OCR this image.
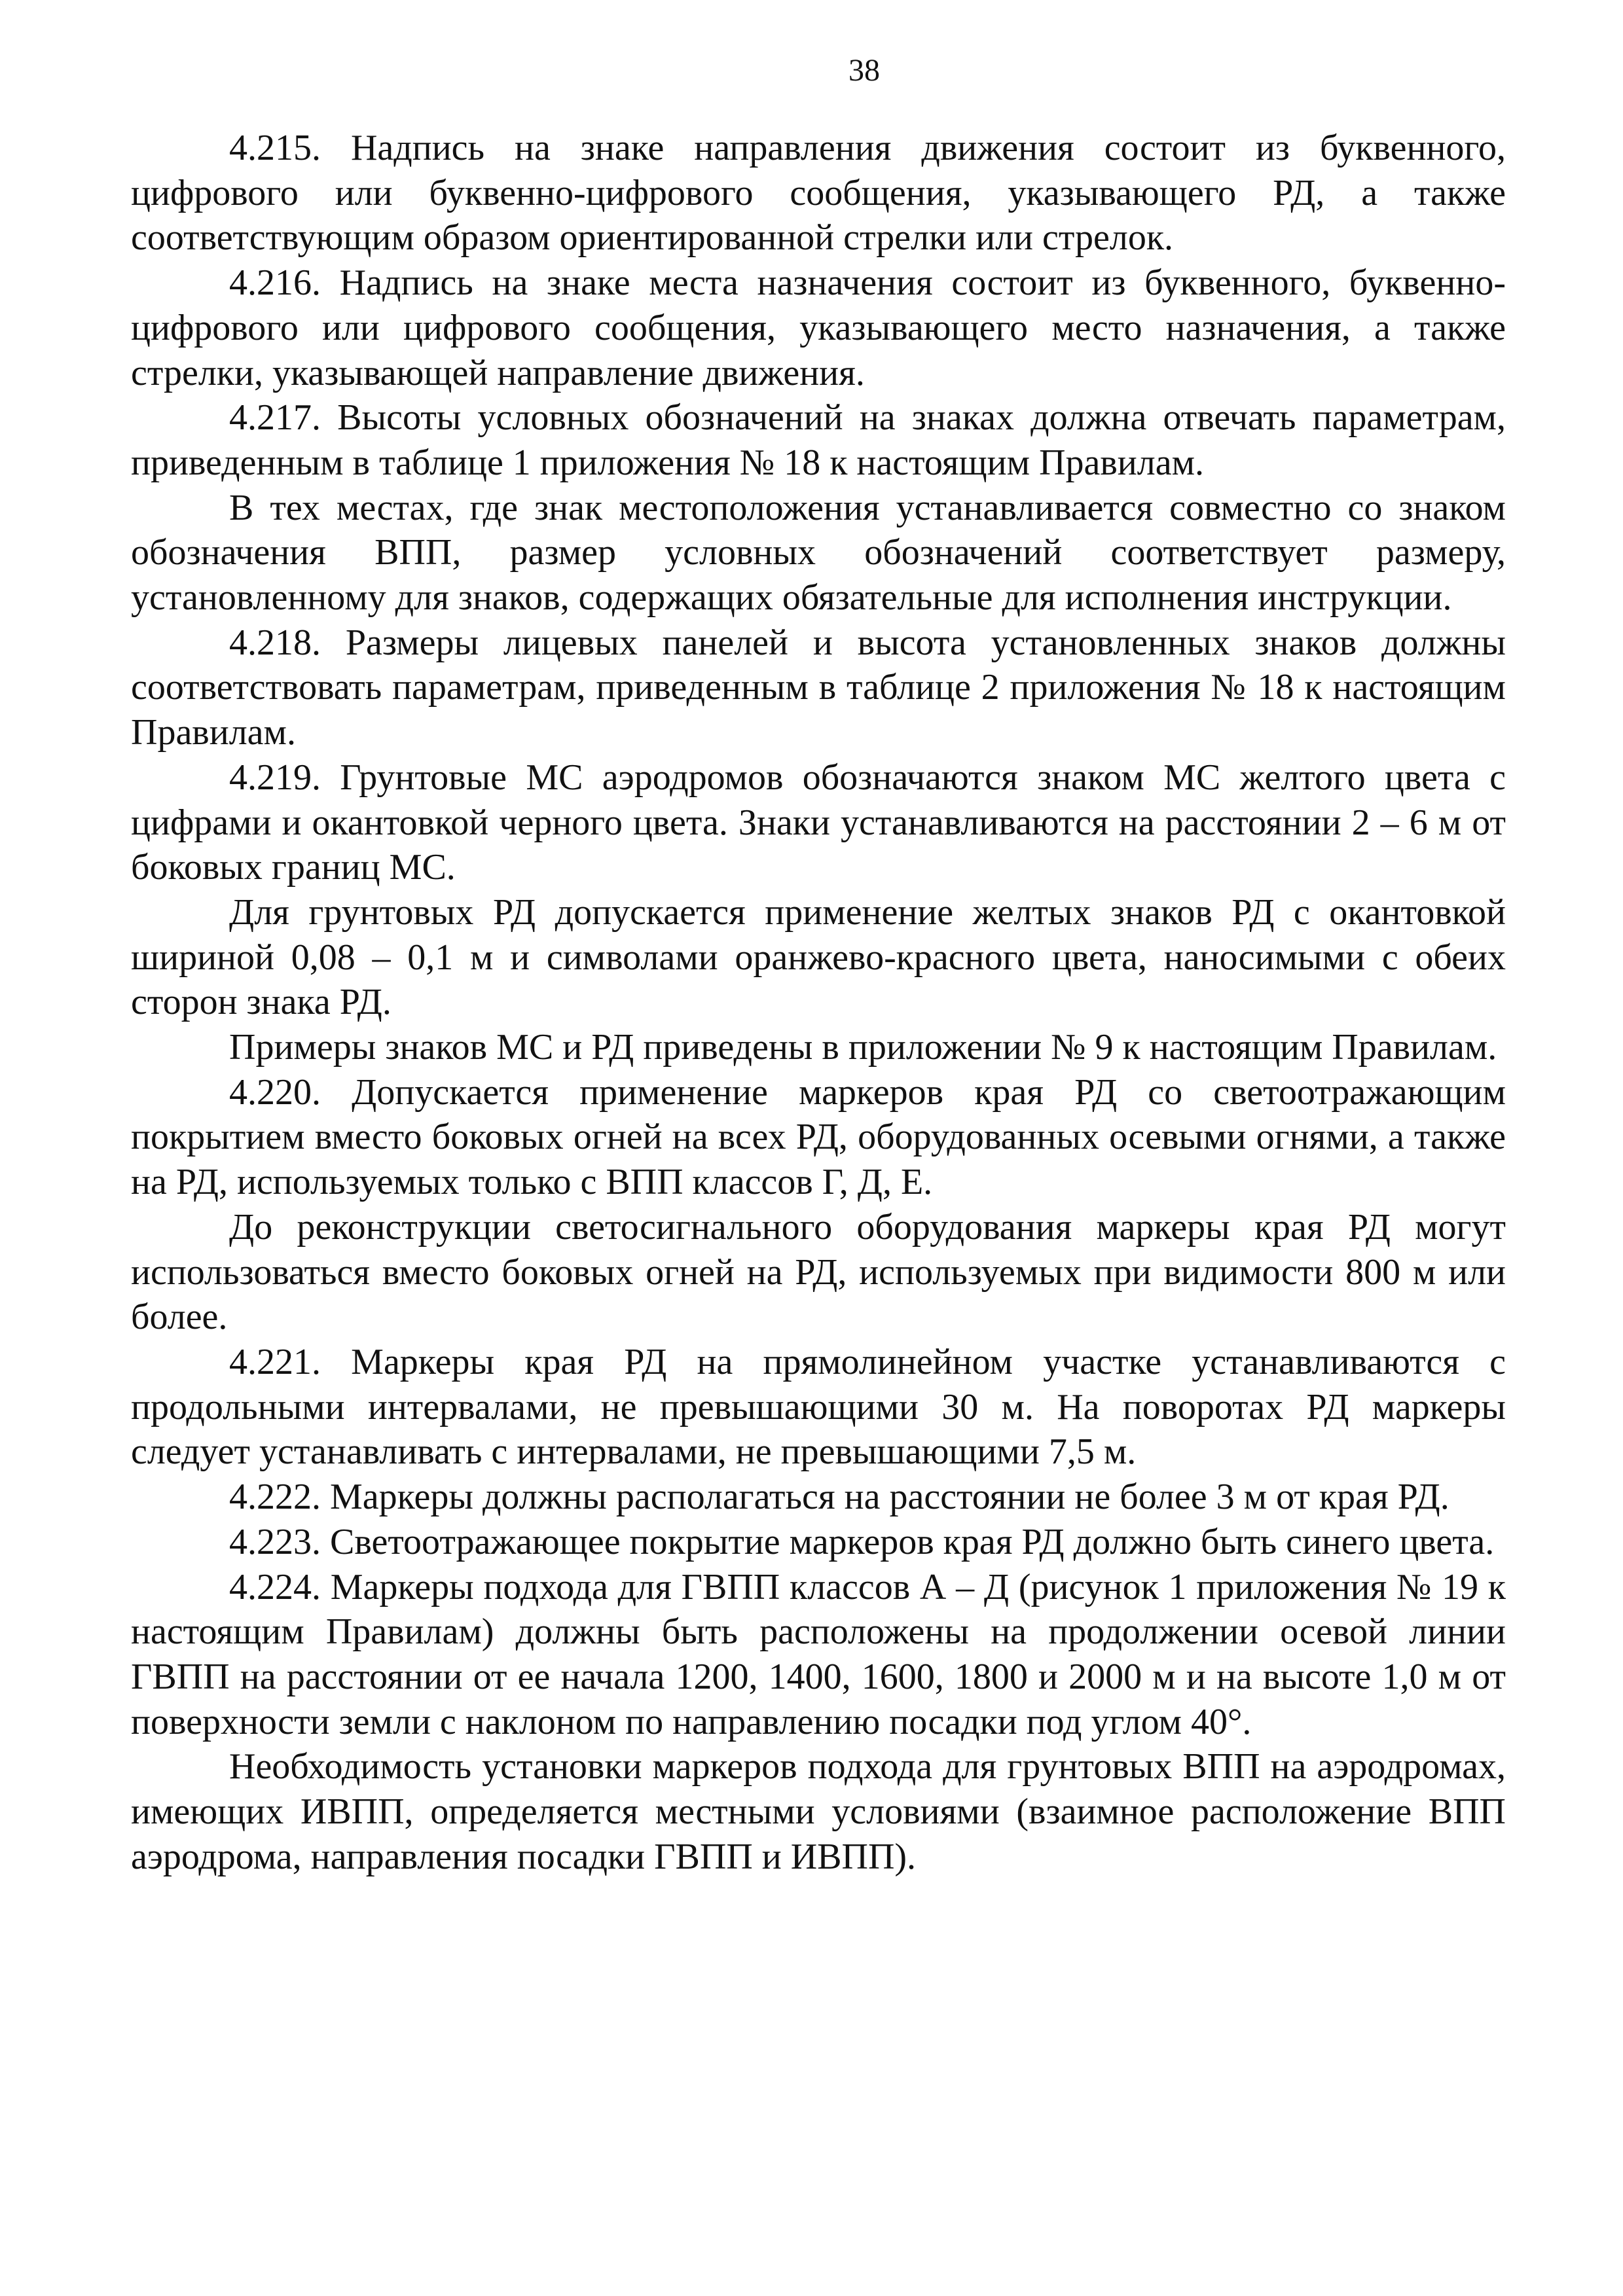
38

4.215. Надпись на знаке направления движения состоит из буквенного, цифрового или буквенно-цифрового сообщения, указывающего РД, а также соответствующим образом ориентированной стрелки или стрелок.

4.216. Надпись на знаке места назначения состоит из буквенного, буквенно-цифрового или цифрового сообщения, указывающего место назначения, а также стрелки, указывающей направление движения.

4.217. Высоты условных обозначений на знаках должна отвечать параметрам, приведенным в таблице 1 приложения № 18 к настоящим Правилам.

В тех местах, где знак местоположения устанавливается совместно со знаком обозначения ВПП, размер условных обозначений соответствует размеру, установленному для знаков, содержащих обязательные для исполнения инструкции.

4.218. Размеры лицевых панелей и высота установленных знаков должны соответствовать параметрам, приведенным в таблице 2 приложения № 18 к настоящим Правилам.

4.219. Грунтовые МС аэродромов обозначаются знаком МС желтого цвета с цифрами и окантовкой черного цвета. Знаки устанавливаются на расстоянии 2 – 6 м от боковых границ МС.

Для грунтовых РД допускается применение желтых знаков РД с окантовкой шириной 0,08 – 0,1 м и символами оранжево-красного цвета, наносимыми с обеих сторон знака РД.

Примеры знаков МС и РД приведены в приложении № 9 к настоящим Правилам.

4.220. Допускается применение маркеров края РД со светоотражающим покрытием вместо боковых огней на всех РД, оборудованных осевыми огнями, а также на РД, используемых только с ВПП классов Г, Д, Е.

До реконструкции светосигнального оборудования маркеры края РД могут использоваться вместо боковых огней на РД, используемых при видимости 800 м или более.

4.221. Маркеры края РД на прямолинейном участке устанавливаются с продольными интервалами, не превышающими 30 м. На поворотах РД маркеры следует устанавливать с интервалами, не превышающими 7,5 м.

4.222. Маркеры должны располагаться на расстоянии не более 3 м от края РД.

4.223. Светоотражающее покрытие маркеров края РД должно быть синего цвета.

4.224. Маркеры подхода для ГВПП классов А – Д (рисунок 1 приложения № 19 к настоящим Правилам) должны быть расположены на продолжении осевой линии ГВПП на расстоянии от ее начала 1200, 1400, 1600, 1800 и 2000 м и на высоте 1,0 м от поверхности земли с наклоном по направлению посадки под углом 40°.

Необходимость установки маркеров подхода для грунтовых ВПП на аэродромах, имеющих ИВПП, определяется местными условиями (взаимное расположение ВПП аэродрома, направления посадки ГВПП и ИВПП).
